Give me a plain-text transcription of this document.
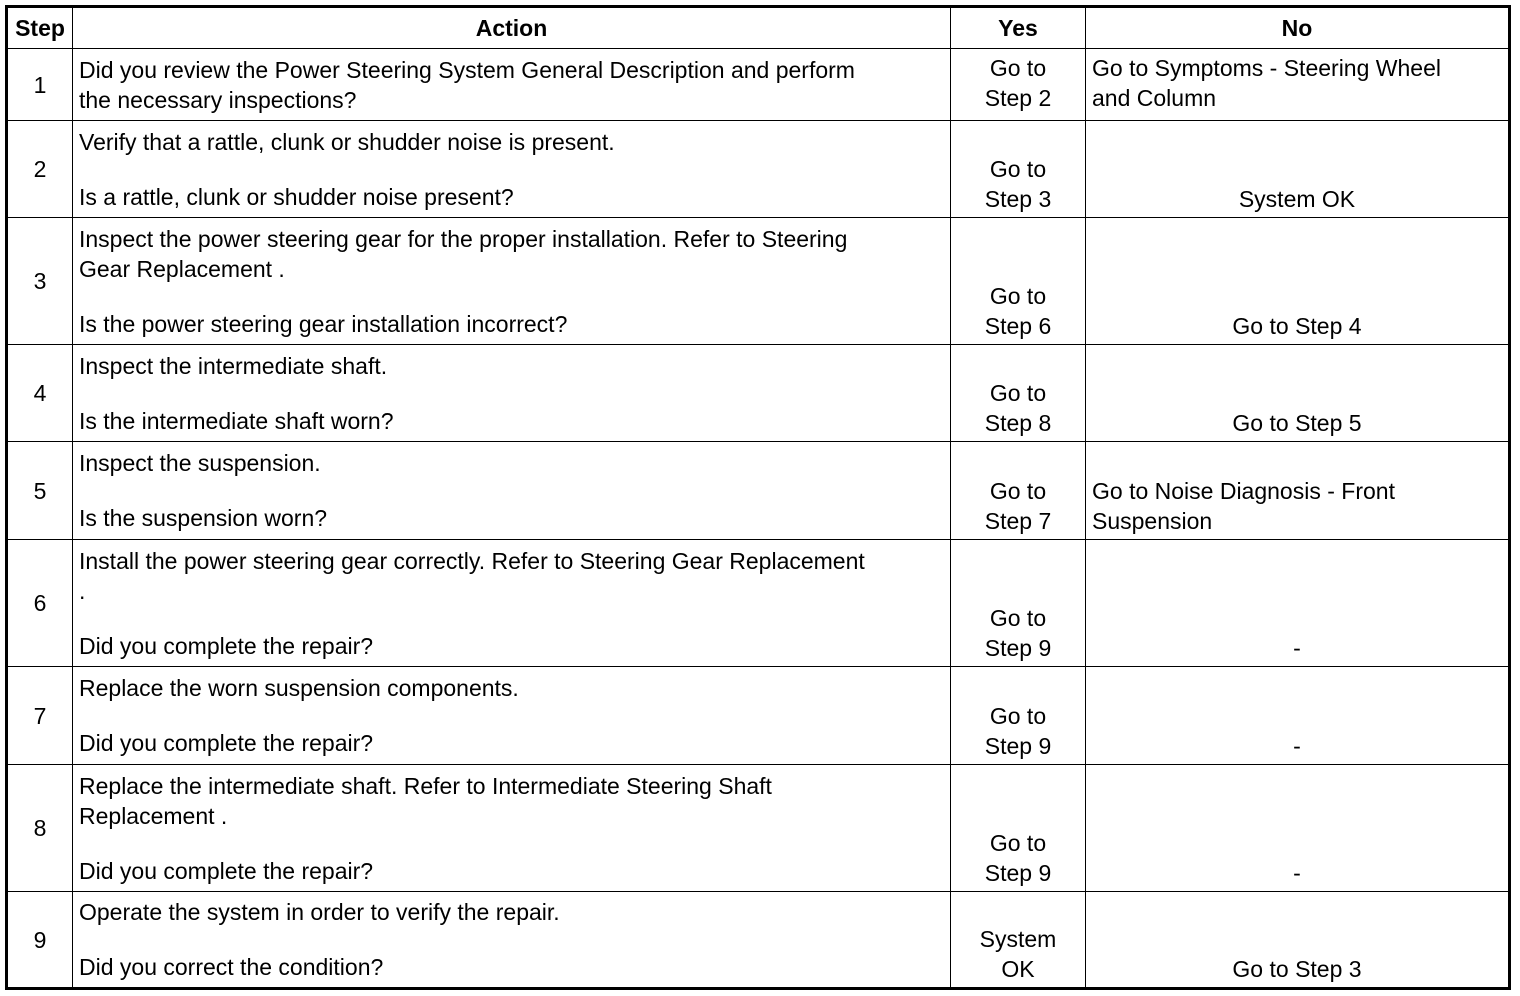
Step	Action	Yes	No
1	Did you review the Power Steering System General Description and perform
the necessary inspections?	Go to
Step 2	Go to Symptoms - Steering Wheel
and Column

2	Verify that a rattle, clunk or shudder noise is present.
Is a rattle, clunk or shudder noise present?	Go to
Step 3	System OK

3	Inspect the power steering gear for the proper installation. Refer to Steering
Gear Replacement .
Is the power steering gear installation incorrect?	Go to
Step 6	Go to Step 4

4	Inspect the intermediate shaft.
Is the intermediate shaft worn?	Go to
Step 8	Go to Step 5

5	Inspect the suspension.
Is the suspension worn?	Go to
Step 7	Go to Noise Diagnosis - Front
Suspension

6	Install the power steering gear correctly. Refer to Steering Gear Replacement
.
Did you complete the repair?	Go to
Step 9	-

7	Replace the worn suspension components.
Did you complete the repair?	Go to
Step 9	-

8	Replace the intermediate shaft. Refer to Intermediate Steering Shaft
Replacement .
Did you complete the repair?	Go to
Step 9	-

9	Operate the system in order to verify the repair.
Did you correct the condition?	System
OK	Go to Step 3
